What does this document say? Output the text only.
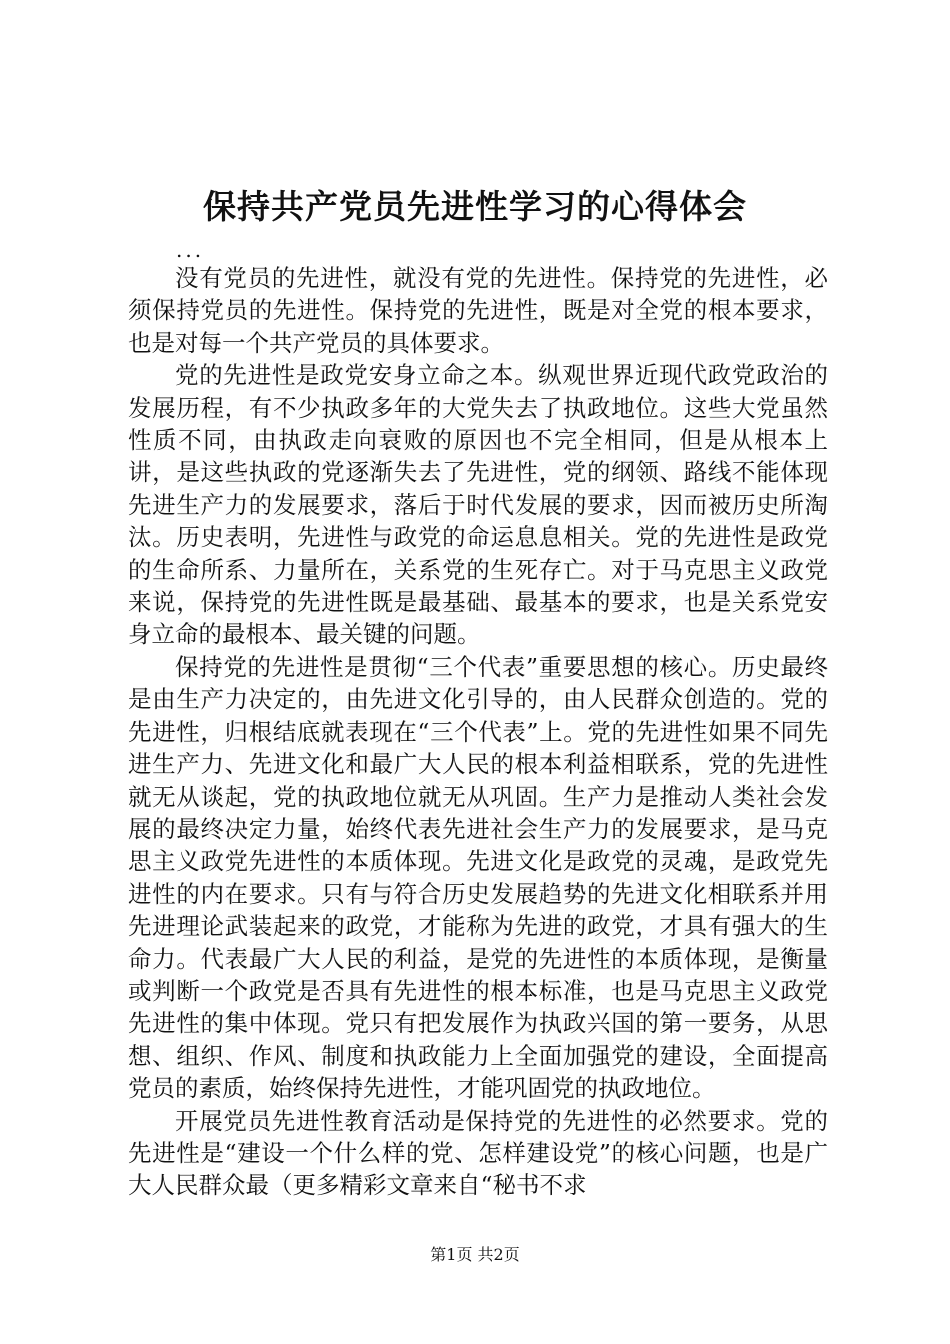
保持共产党员先进性学习的心得体会
...

没有党员的先进性，就没有党的先进性。保持党的先进性，必须保持党员的先进性。保持党的先进性，既是对全党的根本要求，也是对每一个共产党员的具体要求。

党的先进性是政党安身立命之本。纵观世界近现代政党政治的发展历程，有不少执政多年的大党失去了执政地位。这些大党虽然性质不同，由执政走向衰败的原因也不完全相同，但是从根本上讲，是这些执政的党逐渐失去了先进性，党的纲领、路线不能体现先进生产力的发展要求，落后于时代发展的要求，因而被历史所淘汰。历史表明，先进性与政党的命运息息相关。党的先进性是政党的生命所系、力量所在，关系党的生死存亡。对于马克思主义政党来说，保持党的先进性既是最基础、最基本的要求，也是关系党安身立命的最根本、最关键的问题。

保持党的先进性是贯彻“三个代表”重要思想的核心。历史最终是由生产力决定的，由先进文化引导的，由人民群众创造的。党的先进性，归根结底就表现在“三个代表”上。党的先进性如果不同先进生产力、先进文化和最广大人民的根本利益相联系，党的先进性就无从谈起，党的执政地位就无从巩固。生产力是推动人类社会发展的最终决定力量，始终代表先进社会生产力的发展要求，是马克思主义政党先进性的本质体现。先进文化是政党的灵魂，是政党先进性的内在要求。只有与符合历史发展趋势的先进文化相联系并用先进理论武装起来的政党，才能称为先进的政党，才具有强大的生命力。代表最广大人民的利益，是党的先进性的本质体现，是衡量或判断一个政党是否具有先进性的根本标准，也是马克思主义政党先进性的集中体现。党只有把发展作为执政兴国的第一要务，从思想、组织、作风、制度和执政能力上全面加强党的建设，全面提高党员的素质，始终保持先进性，才能巩固党的执政地位。

开展党员先进性教育活动是保持党的先进性的必然要求。党的先进性是“建设一个什么样的党、怎样建设党”的核心问题，也是广大人民群众最（更多精彩文章来自“秘书不求

第1页 共2页
